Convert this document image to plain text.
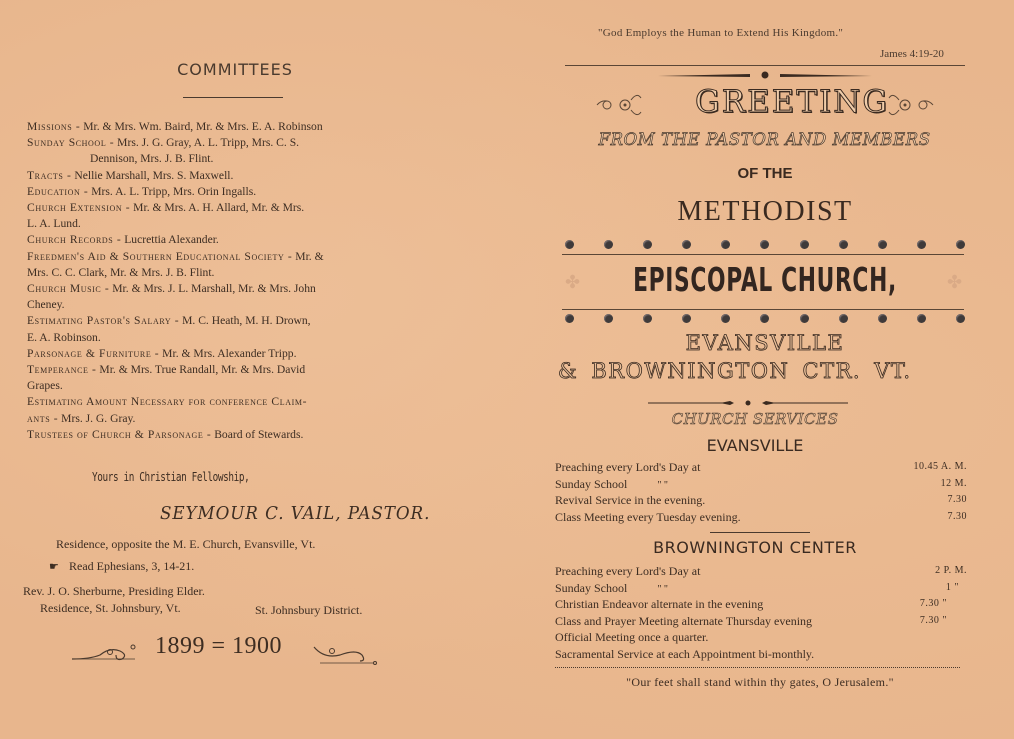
COMMITTEES

Missions - Mr. & Mrs. Wm. Baird, Mr. & Mrs. E. A. Robinson

Sunday School - Mrs. J. G. Gray, A. L. Tripp, Mrs. C. S.

Dennison, Mrs. J. B. Flint.

Tracts - Nellie Marshall, Mrs. S. Maxwell.

Education - Mrs. A. L. Tripp, Mrs. Orin Ingalls.

Church Extension - Mr. & Mrs. A. H. Allard, Mr. & Mrs.

L. A. Lund.

Church Records - Lucrettia Alexander.

Freedmen's Aid & Southern Educational Society - Mr. &

Mrs. C. C. Clark, Mr. & Mrs. J. B. Flint.

Church Music - Mr. & Mrs. J. L. Marshall, Mr. & Mrs. John

Cheney.

Estimating Pastor's Salary - M. C. Heath, M. H. Drown,

E. A. Robinson.

Parsonage & Furniture - Mr. & Mrs. Alexander Tripp.

Temperance - Mr. & Mrs. True Randall, Mr. & Mrs. David

Grapes.

Estimating Amount Necessary for conference Claim-

ants - Mrs. J. G. Gray.

Trustees of Church & Parsonage - Board of Stewards.

Yours in Christian Fellowship,
SEYMOUR C. VAIL, PASTOR.
Residence, opposite the M. E. Church, Evansville, Vt.
☛ Read Ephesians, 3, 14-21.
Rev. J. O. Sherburne, Presiding Elder.
Residence, St. Johnsbury, Vt.	St. Johnsbury District.
1899 = 1900
"God Employs the Human to Extend His Kingdom."
James 4:19-20
GREETING
FROM THE PASTOR AND MEMBERS
OF THE
METHODIST
✤	EPISCOPAL CHURCH,	✤
EVANSVILLE
& BROWNINGTON CTR. VT.
CHURCH SERVICES
EVANSVILLE
Preaching every Lord's Day at	10.45 A. M.
Sunday School	" "	12 M.
Revival Service in the evening.	7.30
Class Meeting every Tuesday evening.	7.30
BROWNINGTON CENTER
Preaching every Lord's Day at	2 P. M.
Sunday School	" "	1 "
Christian Endeavor alternate in the evening	7.30 "
Class and Prayer Meeting alternate Thursday evening	7.30 "
Official Meeting once a quarter.
Sacramental Service at each Appointment bi-monthly.
"Our feet shall stand within thy gates, O Jerusalem."
